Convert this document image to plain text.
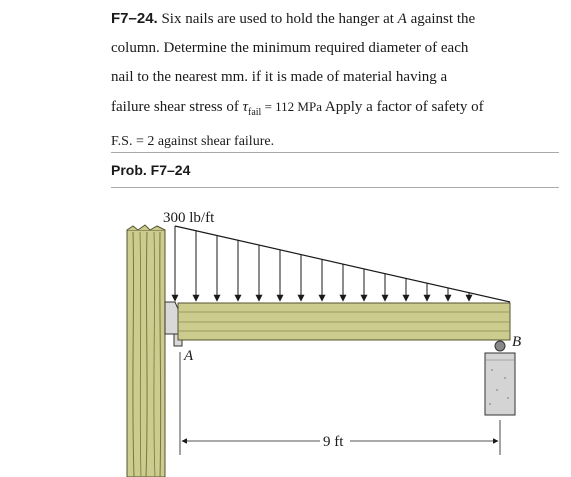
F7–24. Six nails are used to hold the hanger at A against the
column. Determine the minimum required diameter of each
nail to the nearest mm. if it is made of material having a
failure shear stress of $\tau_{fail} = 112$ MPa Apply a factor of safety of
F.S. = 2 against shear failure.
Prob. F7–24
300 lb/ft
A
B
9 ft
